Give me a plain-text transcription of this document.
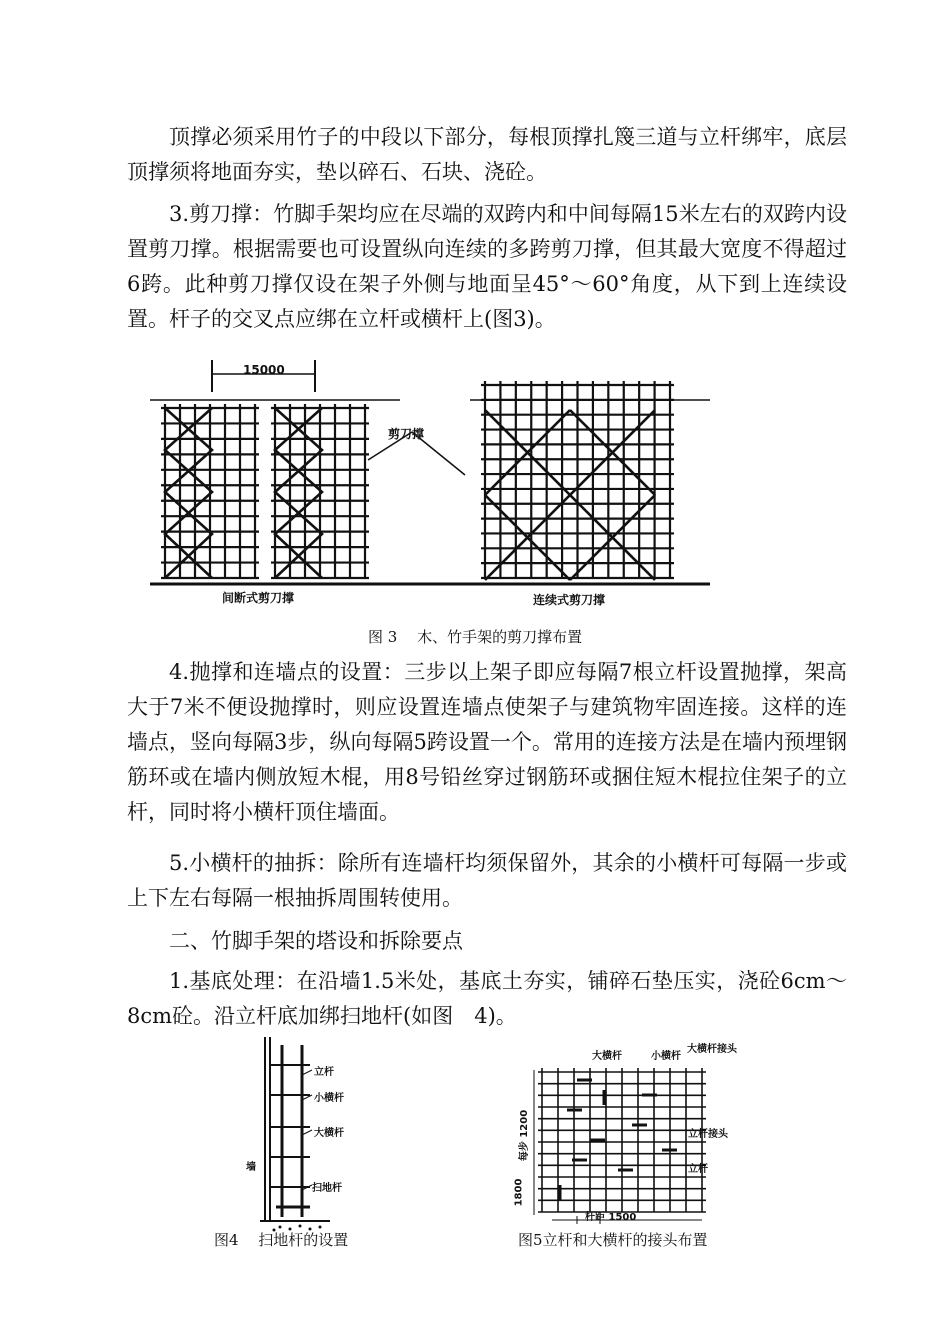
顶撑必须采用竹子的中段以下部分，每根顶撑扎篾三道与立杆绑牢，底层顶撑须将地面夯实，垫以碎石、石块、浇砼。

3.剪刀撑：竹脚手架均应在尽端的双跨内和中间每隔15米左右的双跨内设置剪刀撑。根据需要也可设置纵向连续的多跨剪刀撑，但其最大宽度不得超过6跨。此种剪刀撑仅设在架子外侧与地面呈45°～60°角度，从下到上连续设置。杆子的交叉点应绑在立杆或横杆上(图3)。

15000
剪刀撑
间断式剪刀撑	连续式剪刀撑
图 3　 木、竹手架的剪刀撑布置

4.抛撑和连墙点的设置：三步以上架子即应每隔7根立杆设置抛撑，架高大于7米不便设抛撑时，则应设置连墙点使架子与建筑物牢固连接。这样的连墙点，竖向每隔3步，纵向每隔5跨设置一个。常用的连接方法是在墙内预埋钢筋环或在墙内侧放短木棍，用8号铅丝穿过钢筋环或捆住短木棍拉住架子的立杆，同时将小横杆顶住墙面。

5.小横杆的抽拆：除所有连墙杆均须保留外，其余的小横杆可每隔一步或上下左右每隔一根抽拆周围转使用。

二、竹脚手架的塔设和拆除要点

1.基底处理：在沿墙1.5米处，基底土夯实，铺碎石垫压实，浇砼6cm～8cm砼。沿立杆底加绑扫地杆(如图　4)。

立杆
小横杆
大横杆
扫地杆
墙
图4　 扫地杆的设置
大横杆	小横杆
大横杆接头
立杆接头
立杆
每步 1200
1800
杆距 1500
图5立杆和大横杆的接头布置
